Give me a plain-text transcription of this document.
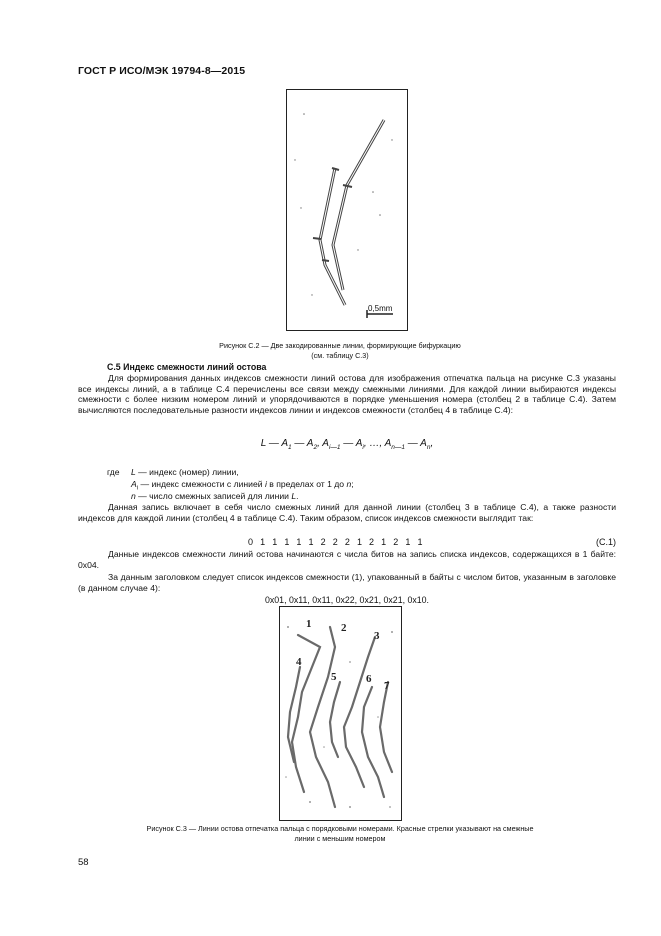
ГОСТ Р ИСО/МЭК 19794-8—2015
0,5mm
Рисунок C.2 — Две закодированные линии, формирующие бифуркацию
(см. таблицу C.3)
C.5 Индекс смежности линий остова
Для формирования данных индексов смежности линий остова для изображения отпечатка пальца на рисунке С.3 указаны все индексы линий, а в таблице С.4 перечислены все связи между смежными линиями. Для каждой линии выбираются индексы смежности с более низким номером линий и упорядочиваются в порядке уменьшения номера (столбец 2 в таблице С.4). Затем вычисляются последовательные разности индексов линии и индексов смежности (столбец 4 в таблице С.4):
L — $A_1$ — $A_2$, $A_{i—1}$ — $A_i$, …, $A_{n—1}$ — $A_n$,
где L — индекс (номер) линии,
$A_i$ — индекс смежности с линией i в пределах от 1 до n;
n — число смежных записей для линии L.
Данная запись включает в себя число смежных линий для данной линии (столбец 3 в таблице С.4), а также разности индексов для каждой линии (столбец 4 в таблице С.4). Таким образом, список индексов смежности выглядит так:
0 1 1 1 1 1 2 2 2 1 2 1 2 1 1	(C.1)
Данные индексов смежности линий остова начинаются с числа битов на запись списка индексов, содержащихся в 1 байте: 0x04.
За данным заголовком следует список индексов смежности (1), упакованный в байты с числом битов, указанным в заголовке (в данном случае 4):
0x01, 0x11, 0x11, 0x22, 0x21, 0x21, 0x10.
1	2
3
4
5	6
7
Рисунок C.3 — Линии остова отпечатка пальца с порядковыми номерами. Красные стрелки указывают на смежные
линии с меньшим номером
58
